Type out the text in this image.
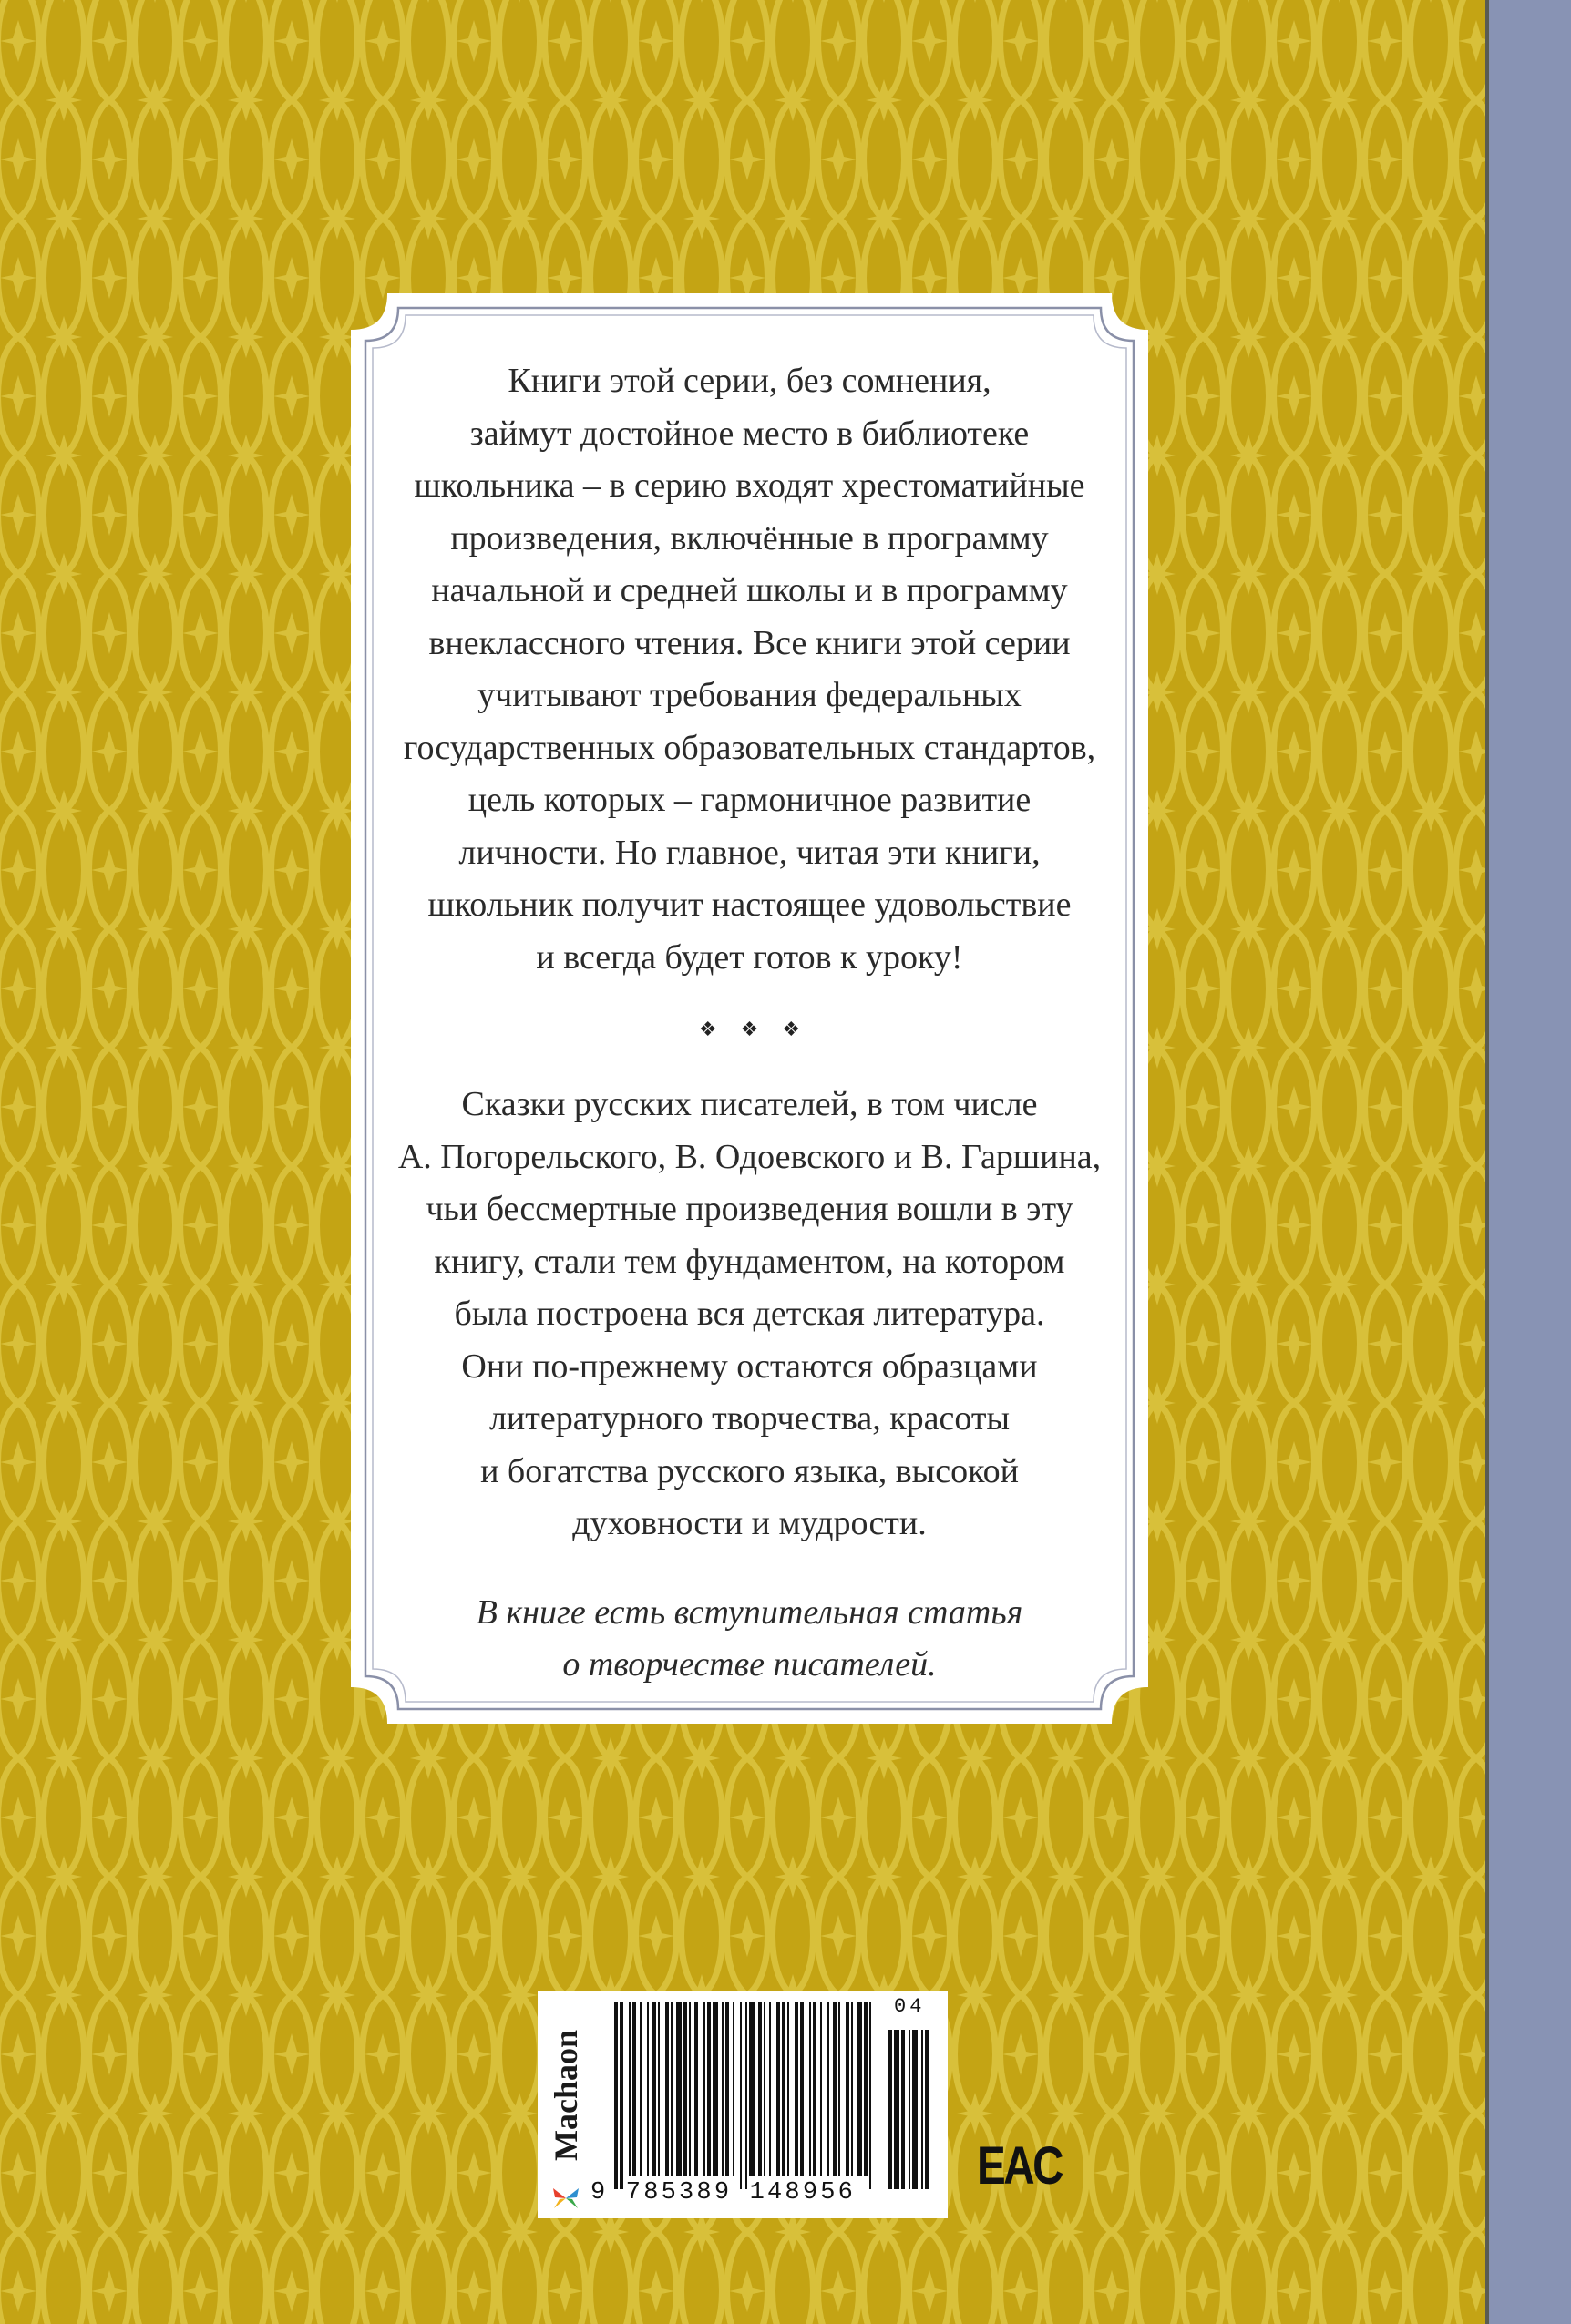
Книги этой серии, без сомнения,
займут достойное место в библиотеке
школьника – в серию входят хрестоматийные
произведения, включённые в программу
начальной и средней школы и в программу
внеклассного чтения. Все книги этой серии
учитывают требования федеральных
государственных образовательных стандартов,
цель которых – гармоничное развитие
личности. Но главное, читая эти книги,
школьник получит настоящее удовольствие
и всегда будет готов к уроку!

❖ ❖ ❖

Сказки русских писателей, в том числе
А. Погорельского, В. Одоевского и В. Гаршина,
чьи бессмертные произведения вошли в эту
книгу, стали тем фундаментом, на котором
была построена вся детская литература.
Они по-прежнему остаются образцами
литературного творчества, красоты
и богатства русского языка, высокой
духовности и мудрости.

В книге есть вступительная статья
о творчестве писателей.

Machaon
04
9 785389 148956	EAC
